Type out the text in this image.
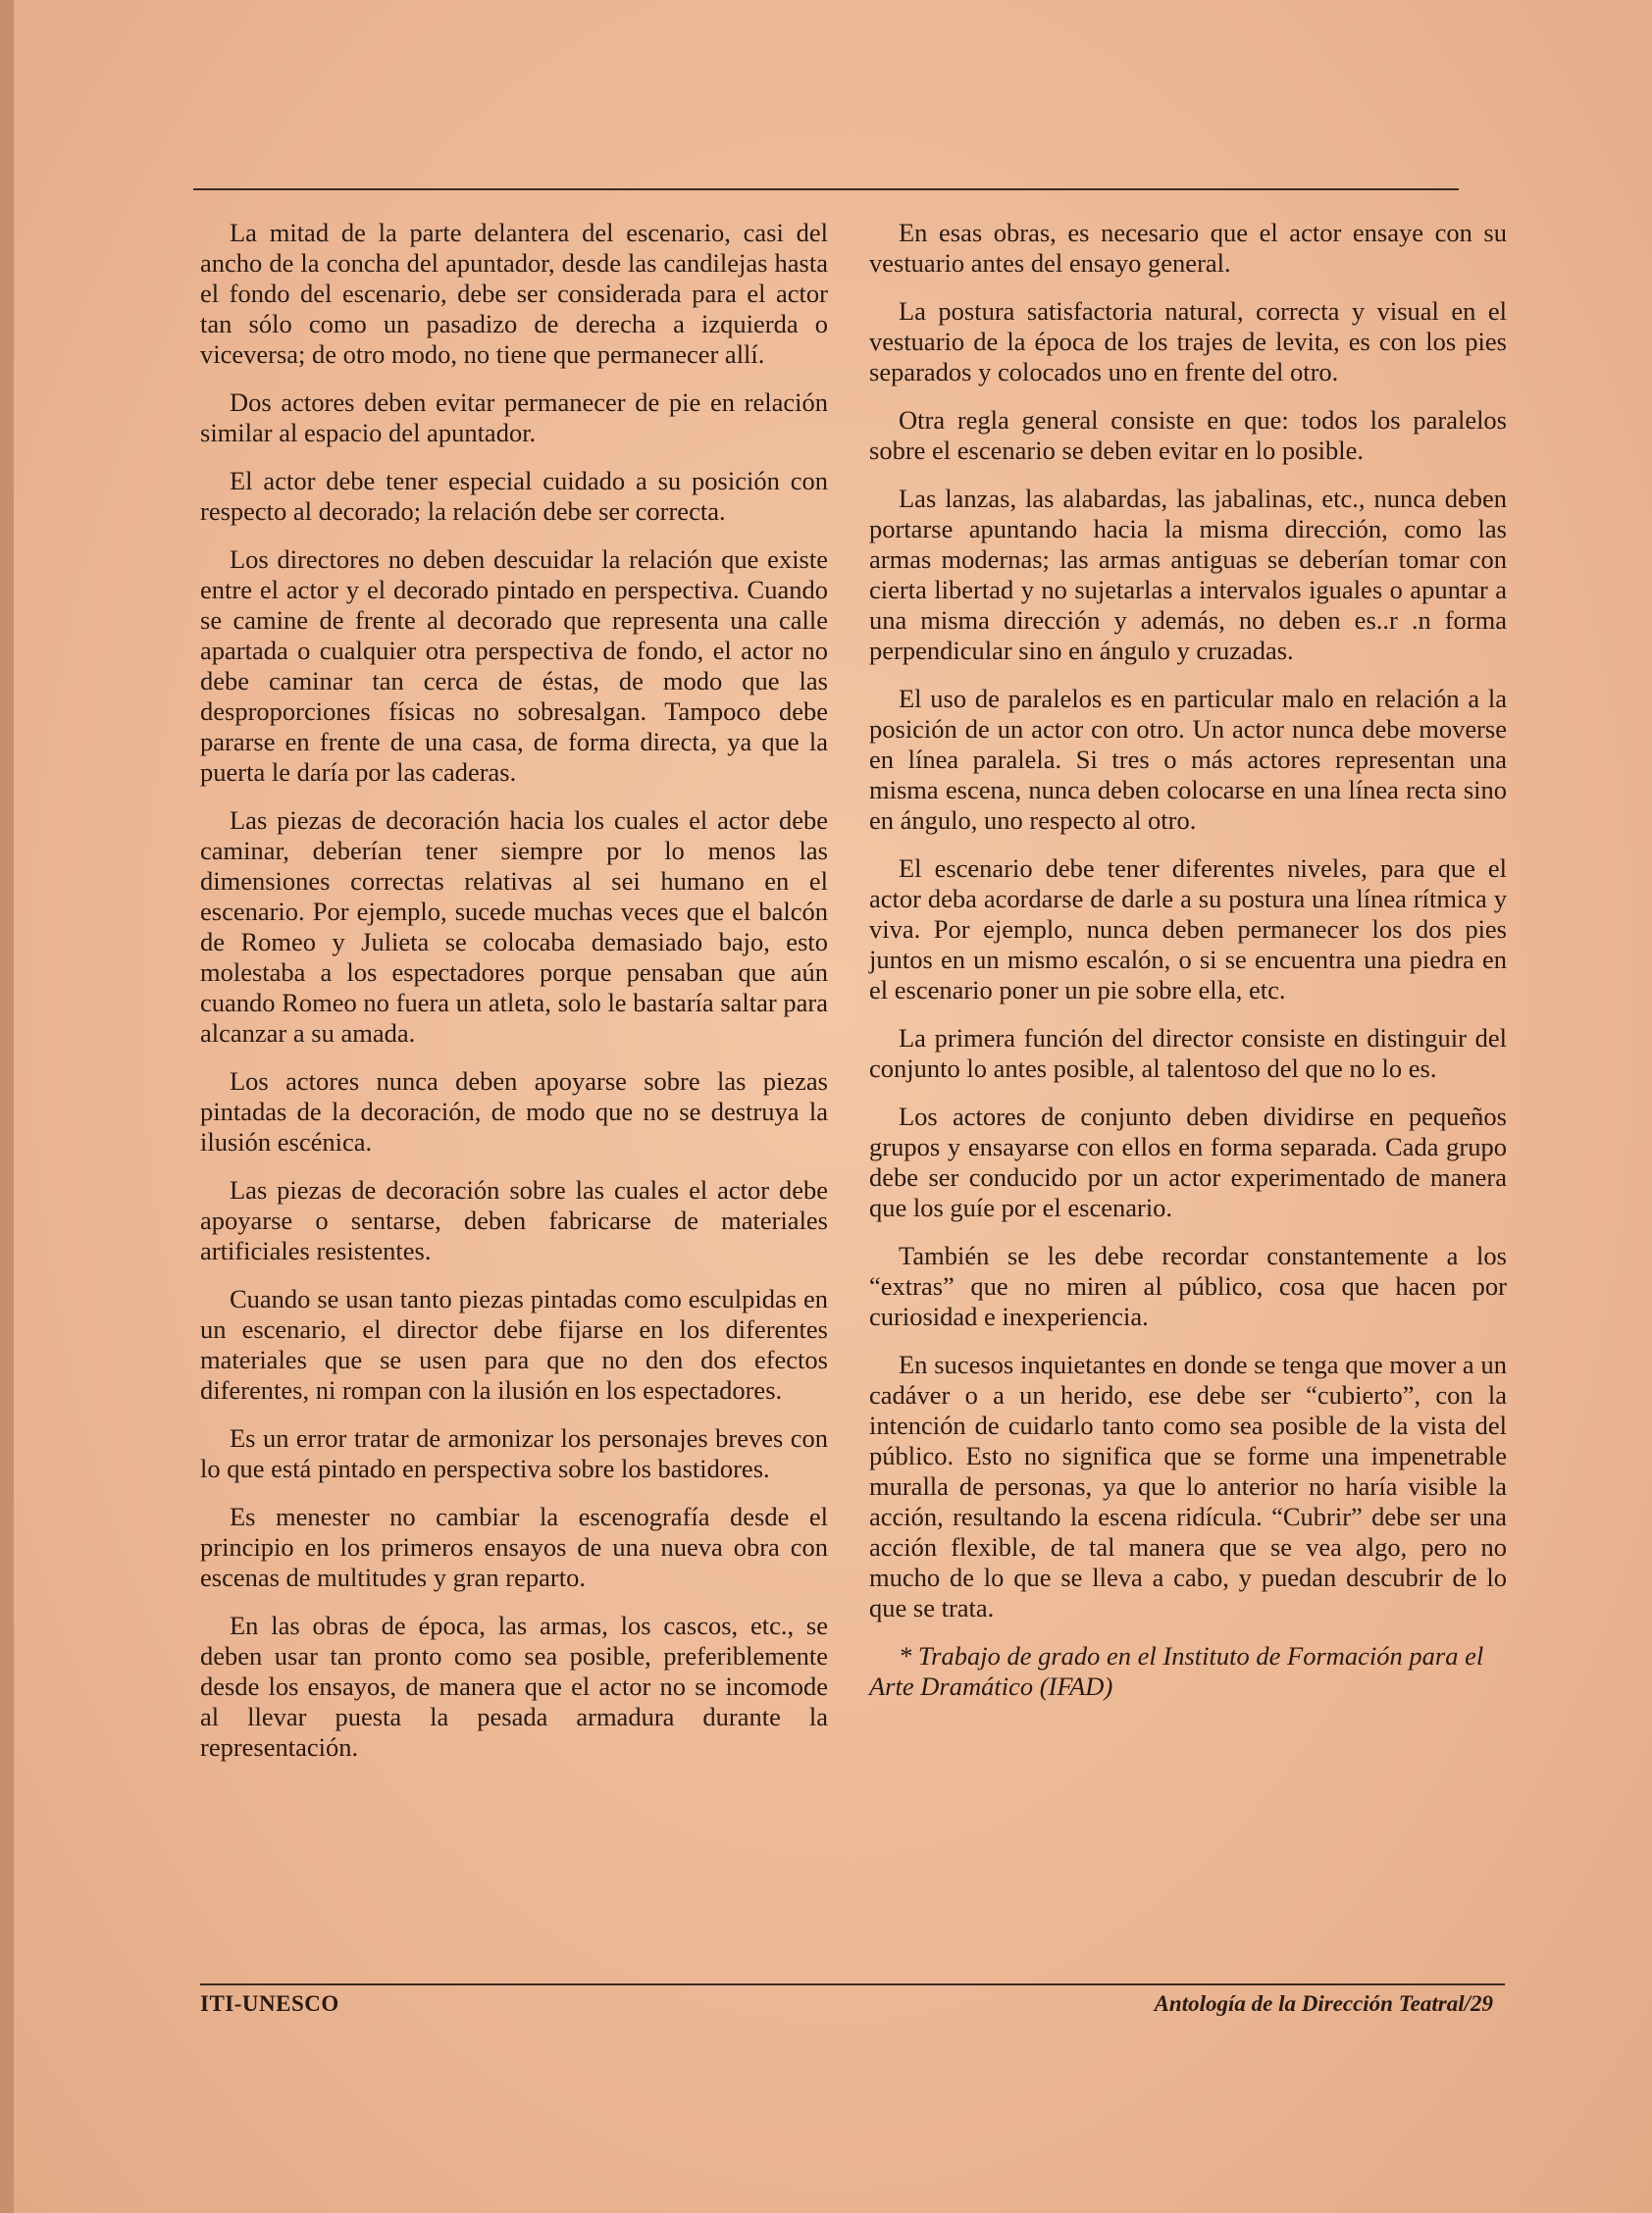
La mitad de la parte delantera del escenario, casi del ancho de la concha del apuntador, desde las candilejas hasta el fondo del escenario, debe ser considerada para el actor tan sólo como un pasadizo de derecha a izquierda o viceversa; de otro modo, no tiene que permanecer allí.

Dos actores deben evitar permanecer de pie en relación similar al espacio del apuntador.

El actor debe tener especial cuidado a su posición con respecto al decorado; la relación debe ser correcta.

Los directores no deben descuidar la relación que existe entre el actor y el decorado pintado en perspectiva. Cuando se camine de frente al decorado que representa una calle apartada o cualquier otra perspectiva de fondo, el actor no debe caminar tan cerca de éstas, de modo que las desproporciones físicas no sobresalgan. Tampoco debe pararse en frente de una casa, de forma directa, ya que la puerta le daría por las caderas.

Las piezas de decoración hacia los cuales el actor debe caminar, deberían tener siempre por lo menos las dimensiones correctas relativas al sei humano en el escenario. Por ejemplo, sucede muchas veces que el balcón de Romeo y Julieta se colocaba demasiado bajo, esto molestaba a los espectadores porque pensaban que aún cuando Romeo no fuera un atleta, solo le bastaría saltar para alcanzar a su amada.

Los actores nunca deben apoyarse sobre las piezas pintadas de la decoración, de modo que no se destruya la ilusión escénica.

Las piezas de decoración sobre las cuales el actor debe apoyarse o sentarse, deben fabricarse de materiales artificiales resistentes.

Cuando se usan tanto piezas pintadas como esculpidas en un escenario, el director debe fijarse en los diferentes materiales que se usen para que no den dos efectos diferentes, ni rompan con la ilusión en los espectadores.

Es un error tratar de armonizar los personajes breves con lo que está pintado en perspectiva sobre los bastidores.

Es menester no cambiar la escenografía desde el principio en los primeros ensayos de una nueva obra con escenas de multitudes y gran reparto.

En las obras de época, las armas, los cascos, etc., se deben usar tan pronto como sea posible, preferiblemente desde los ensayos, de manera que el actor no se incomode al llevar puesta la pesada armadura durante la representación.

En esas obras, es necesario que el actor ensaye con su vestuario antes del ensayo general.

La postura satisfactoria natural, correcta y visual en el vestuario de la época de los trajes de levita, es con los pies separados y colocados uno en frente del otro.

Otra regla general consiste en que: todos los paralelos sobre el escenario se deben evitar en lo posible.

Las lanzas, las alabardas, las jabalinas, etc., nunca deben portarse apuntando hacia la misma dirección, como las armas modernas; las armas antiguas se deberían tomar con cierta libertad y no sujetarlas a intervalos iguales o apuntar a una misma dirección y además, no deben es..r .n forma perpendicular sino en ángulo y cruzadas.

El uso de paralelos es en particular malo en relación a la posición de un actor con otro. Un actor nunca debe moverse en línea paralela. Si tres o más actores representan una misma escena, nunca deben colocarse en una línea recta sino en ángulo, uno respecto al otro.

El escenario debe tener diferentes niveles, para que el actor deba acordarse de darle a su postura una línea rítmica y viva. Por ejemplo, nunca deben permanecer los dos pies juntos en un mismo escalón, o si se encuentra una piedra en el escenario poner un pie sobre ella, etc.

La primera función del director consiste en distinguir del conjunto lo antes posible, al talentoso del que no lo es.

Los actores de conjunto deben dividirse en pequeños grupos y ensayarse con ellos en forma separada. Cada grupo debe ser conducido por un actor experimentado de manera que los guíe por el escenario.

También se les debe recordar constantemente a los “extras” que no miren al público, cosa que hacen por curiosidad e inexperiencia.

En sucesos inquietantes en donde se tenga que mover a un cadáver o a un herido, ese debe ser “cubierto”, con la intención de cuidarlo tanto como sea posible de la vista del público. Esto no significa que se forme una impenetrable muralla de personas, ya que lo anterior no haría visible la acción, resultando la escena ridícula. “Cubrir” debe ser una acción flexible, de tal manera que se vea algo, pero no mucho de lo que se lleva a cabo, y puedan descubrir de lo que se trata.

* Trabajo de grado en el Instituto de Formación para el Arte Dramático (IFAD)

ITI-UNESCO	Antología de la Dirección Teatral/29
